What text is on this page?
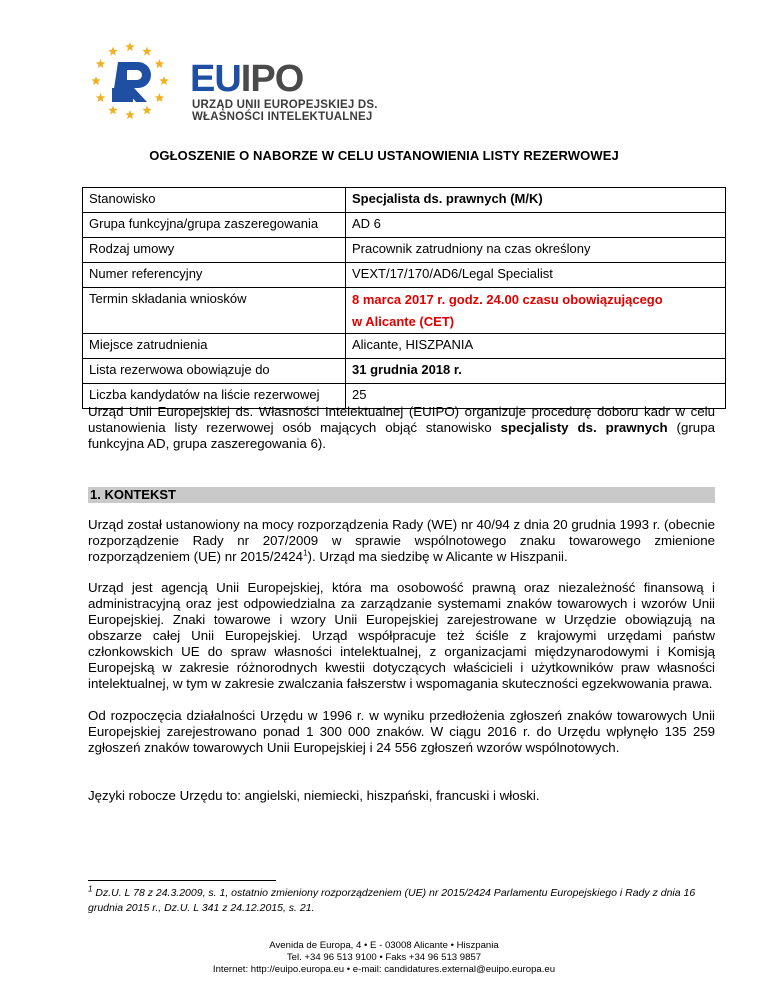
EUIPO
URZĄD UNII EUROPEJSKIEJ DS.
WŁASNOŚCI INTELEKTUALNEJ
OGŁOSZENIE O NABORZE W CELU USTANOWIENIA LISTY REZERWOWEJ
Stanowisko	Specjalista ds. prawnych (M/K)
Grupa funkcyjna/grupa zaszeregowania	AD 6
Rodzaj umowy	Pracownik zatrudniony na czas określony
Numer referencyjny	VEXT/17/170/AD6/Legal Specialist
Termin składania wniosków	8 marca 2017 r. godz. 24.00 czasu obowiązującego
w Alicante (CET)
Miejsce zatrudnienia	Alicante, HISZPANIA
Lista rezerwowa obowiązuje do	31 grudnia 2018 r.
Liczba kandydatów na liście rezerwowej	25
Urząd Unii Europejskiej ds. Własności Intelektualnej (EUIPO) organizuje procedurę doboru kadr w celu ustanowienia listy rezerwowej osób mających objąć stanowisko specjalisty ds. prawnych (grupa funkcyjna AD, grupa zaszeregowania 6).
1. KONTEKST
Urząd został ustanowiony na mocy rozporządzenia Rady (WE) nr 40/94 z dnia 20 grudnia 1993 r. (obecnie rozporządzenie Rady nr 207/2009 w sprawie wspólnotowego znaku towarowego zmienione rozporządzeniem (UE) nr 2015/2424$^1$). Urząd ma siedzibę w Alicante w Hiszpanii.
Urząd jest agencją Unii Europejskiej, która ma osobowość prawną oraz niezależność finansową i administracyjną oraz jest odpowiedzialna za zarządzanie systemami znaków towarowych i wzorów Unii Europejskiej. Znaki towarowe i wzory Unii Europejskiej zarejestrowane w Urzędzie obowiązują na obszarze całej Unii Europejskiej. Urząd współpracuje też ściśle z krajowymi urzędami państw członkowskich UE do spraw własności intelektualnej, z organizacjami międzynarodowymi i Komisją Europejską w zakresie różnorodnych kwestii dotyczących właścicieli i użytkowników praw własności intelektualnej, w tym w zakresie zwalczania fałszerstw i wspomagania skuteczności egzekwowania prawa.
Od rozpoczęcia działalności Urzędu w 1996 r. w wyniku przedłożenia zgłoszeń znaków towarowych Unii Europejskiej zarejestrowano ponad 1 300 000 znaków. W ciągu 2016 r. do Urzędu wpłynęło 135 259 zgłoszeń znaków towarowych Unii Europejskiej i 24 556 zgłoszeń wzorów wspólnotowych.
Języki robocze Urzędu to: angielski, niemiecki, hiszpański, francuski i włoski.
$^1$ Dz.U. L 78 z 24.3.2009, s. 1, ostatnio zmieniony rozporządzeniem (UE) nr 2015/2424 Parlamentu Europejskiego i Rady z dnia 16 grudnia 2015 r., Dz.U. L 341 z 24.12.2015, s. 21.
Avenida de Europa, 4 • E - 03008 Alicante • Hiszpania
Tel. +34 96 513 9100 • Faks +34 96 513 9857
Internet: http://euipo.europa.eu • e-mail: candidatures.external@euipo.europa.eu
